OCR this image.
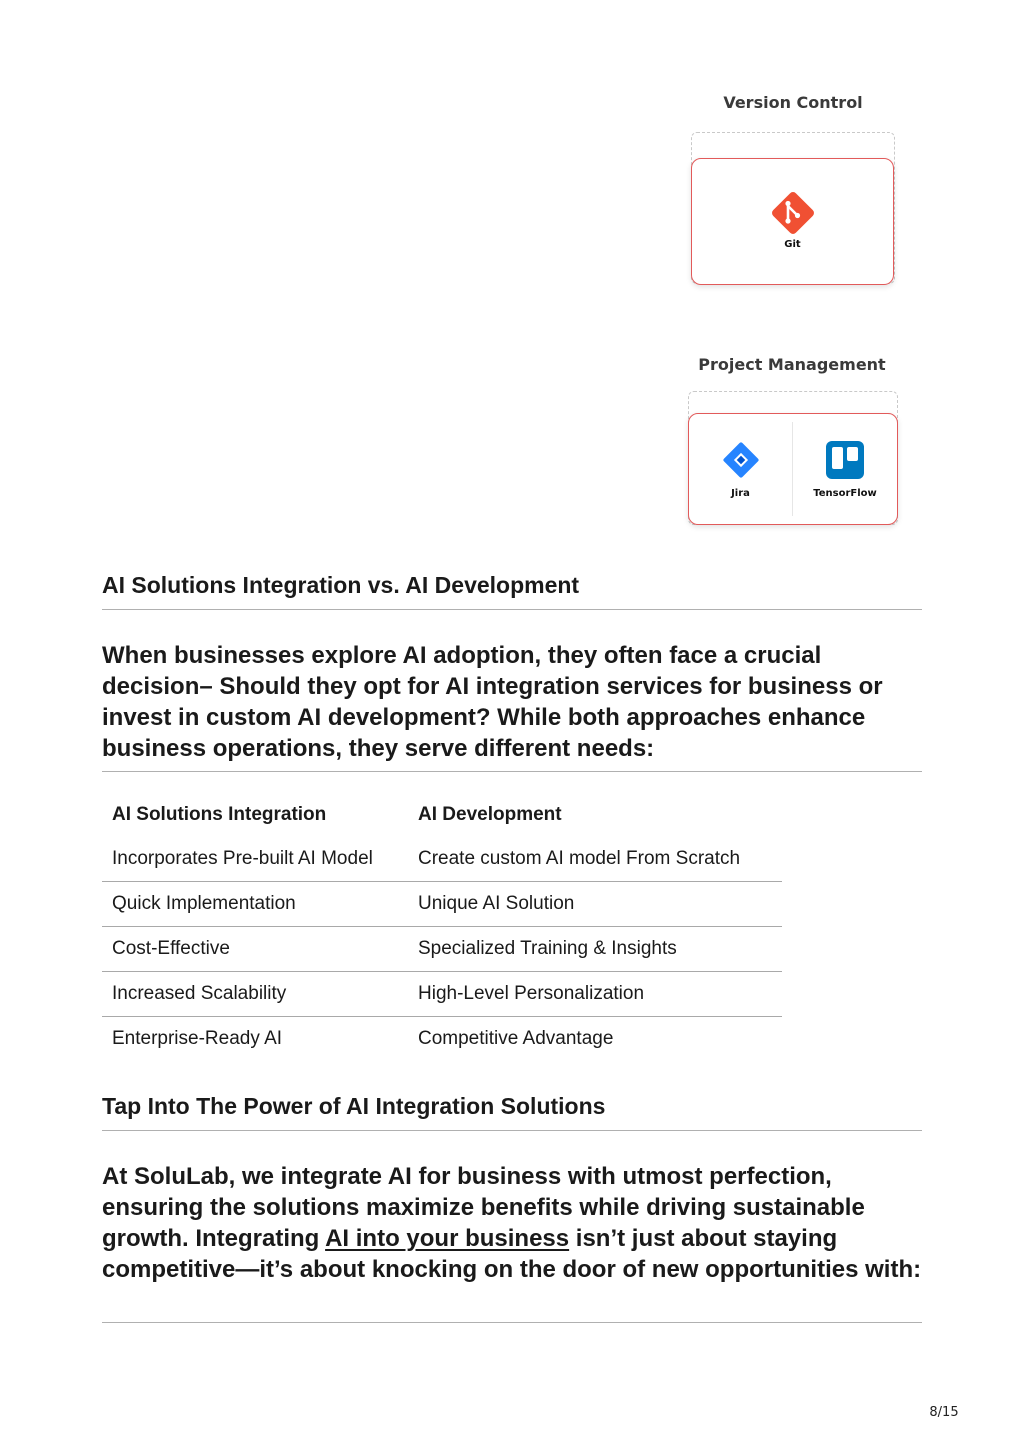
Version Control
Git
Project Management
Jira	TensorFlow
AI Solutions Integration vs. AI Development
When businesses explore AI adoption, they often face a crucial decision– Should they opt for AI integration services for business or invest in custom AI development? While both approaches enhance business operations, they serve different needs:
AI Solutions Integration	AI Development
Incorporates Pre-built AI Model	Create custom AI model From Scratch
Quick Implementation	Unique AI Solution
Cost-Effective	Specialized Training & Insights
Increased Scalability	High-Level Personalization
Enterprise-Ready AI	Competitive Advantage
Tap Into The Power of AI Integration Solutions
At SoluLab, we integrate AI for business with utmost perfection, ensuring the solutions maximize benefits while driving sustainable growth. Integrating AI into your business isn’t just about staying competitive—it’s about knocking on the door of new opportunities with:
8/15
